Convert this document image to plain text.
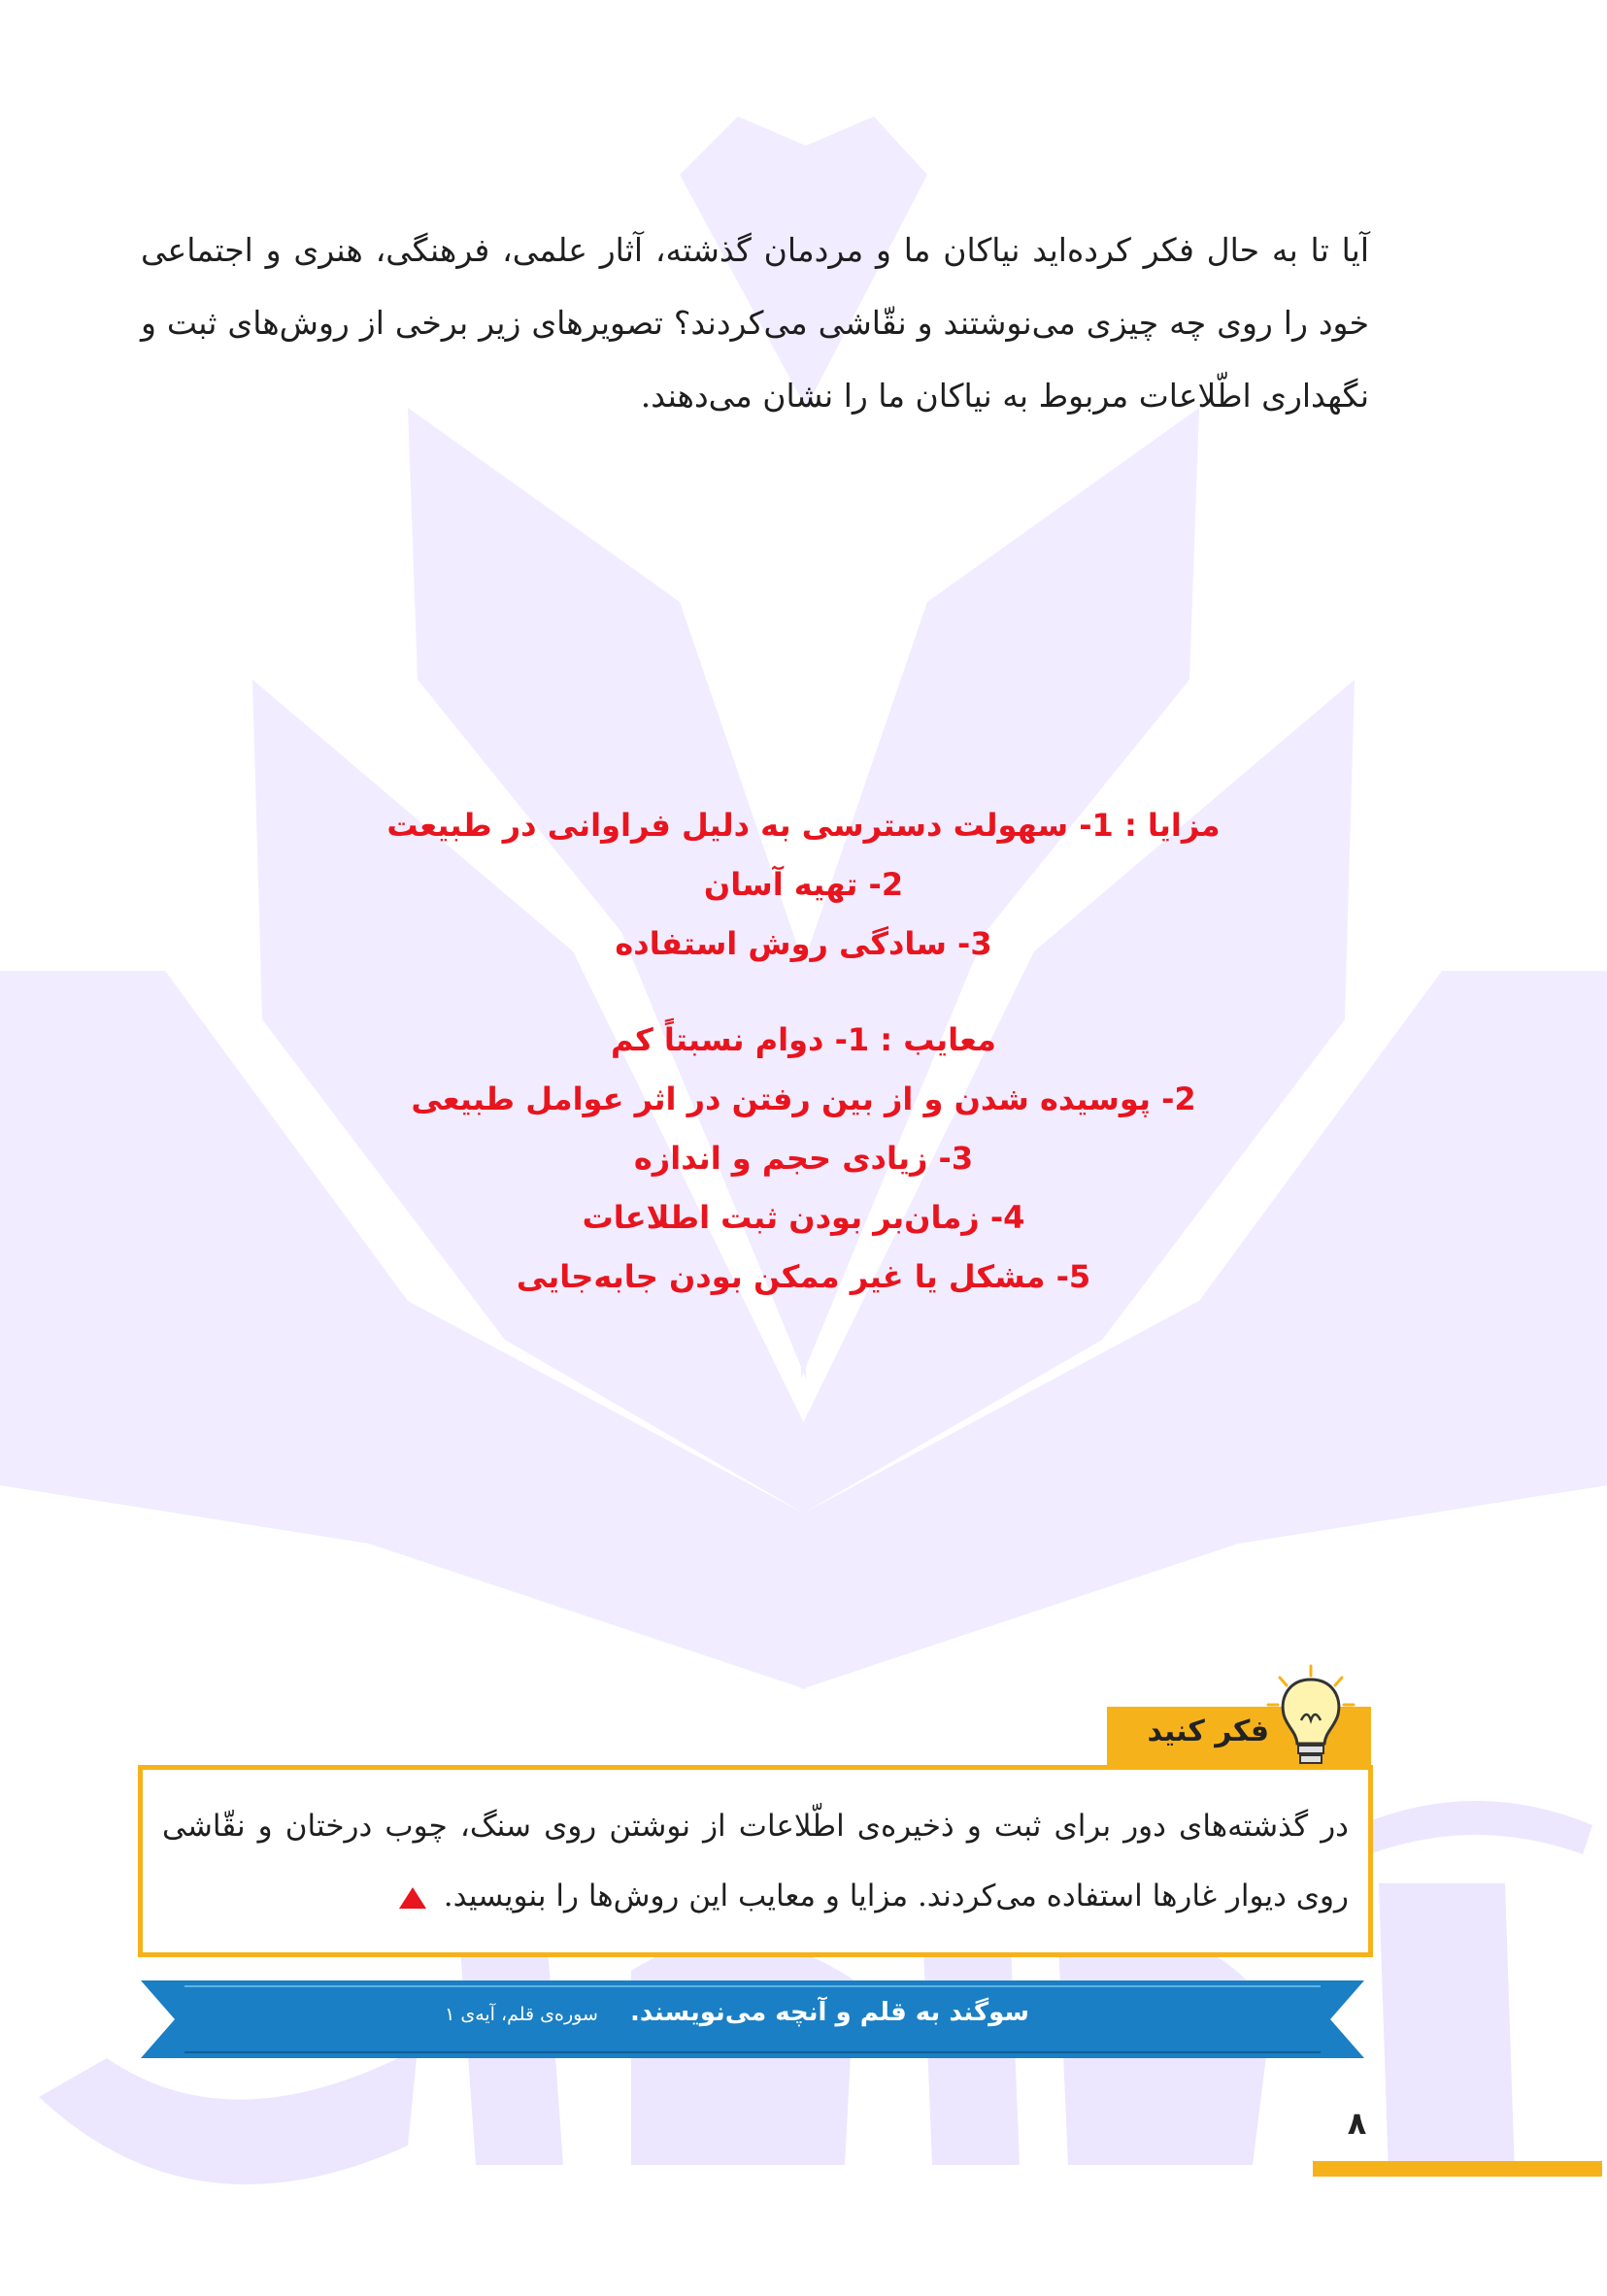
آیا تا به حال فکر کرده‌اید نیاکان ما و مردمان گذشته، آثار علمی، فرهنگی، هنری و اجتماعی خود را روی چه چیزی می‌نوشتند و نقّاشی می‌کردند؟ تصویرهای زیر برخی از روش‌های ثبت و نگهداری اطّلاعات مربوط به نیاکان ما را نشان می‌دهند.
مزایا : 1- سهولت دسترسی به دلیل فراوانی در طبیعت
2- تهیه آسان
3- سادگی روش استفاده
معایب : 1- دوام نسبتاً کم
2- پوسیده شدن و از بین رفتن در اثر عوامل طبیعی
3- زیادی حجم و اندازه
4- زمان‌بر بودن ثبت اطلاعات
5- مشکل یا غیر ممکن بودن جابه‌جایی
فکر کنید
در گذشته‌های دور برای ثبت و ذخیره‌ی اطّلاعات از نوشتن روی سنگ، چوب درختان و نقّاشی روی دیوار غارها استفاده می‌کردند. مزایا و معایب این روش‌ها را بنویسید.
سوگند به قلم و آنچه می‌نویسند. سوره‌ی قلم، آیه‌ی ۱
۸
